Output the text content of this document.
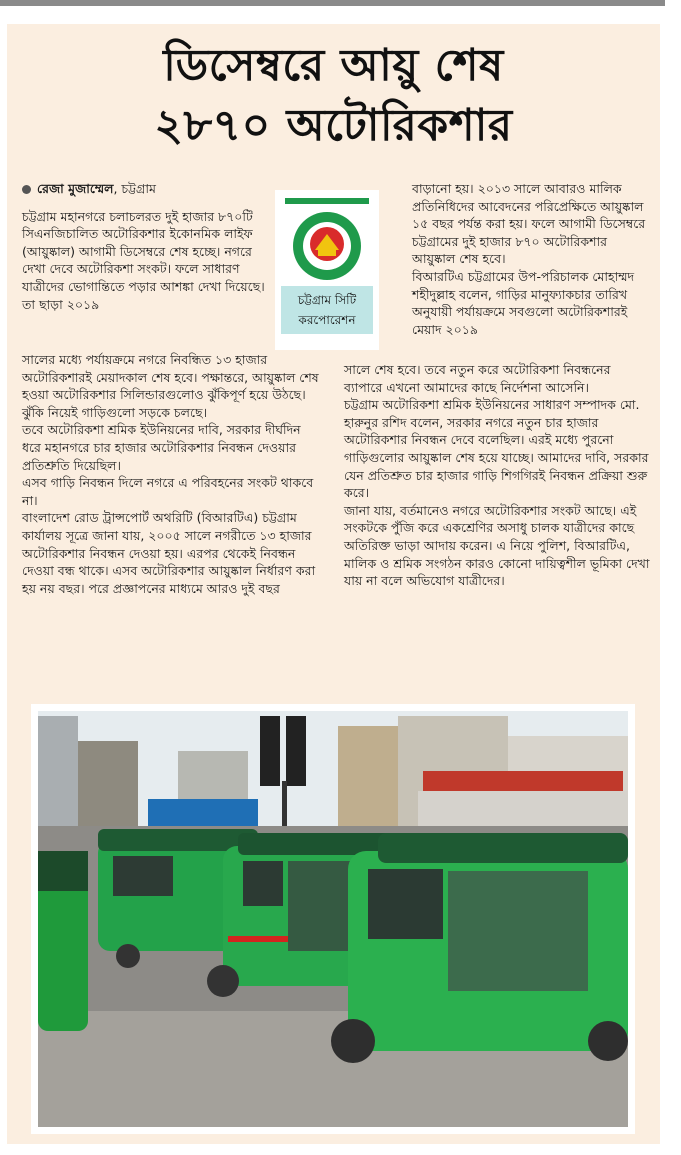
ডিসেম্বরে আয়ু শেষ
২৮৭০ অটোরিকশার

রেজা মুজাম্মেল, চট্টগ্রাম

চট্টগ্রাম মহানগরে চলাচলরত দুই হাজার ৮৭০টি সিএনজিচালিত অটোরিকশার ইকোনমিক লাইফ (আয়ুষ্কাল) আগামী ডিসেম্বরে শেষ হচ্ছে। নগরে দেখা দেবে অটোরিকশা সংকট। ফলে সাধারণ যাত্রীদের ভোগান্তিতে পড়ার আশঙ্কা দেখা দিয়েছে। তা ছাড়া ২০১৯

সালের মধ্যে পর্যায়ক্রমে নগরে নিবন্ধিত ১৩ হাজার অটোরিকশারই মেয়াদকাল শেষ হবে। পক্ষান্তরে, আয়ুষ্কাল শেষ হওয়া অটোরিকশার সিলিন্ডারগুলোও ঝুঁকিপূর্ণ হয়ে উঠছে। ঝুঁকি নিয়েই গাড়িগুলো সড়কে চলছে।

তবে অটোরিকশা শ্রমিক ইউনিয়নের দাবি, সরকার দীর্ঘদিন ধরে মহানগরে চার হাজার অটোরিকশার নিবন্ধন দেওয়ার প্রতিশ্রুতি দিয়েছিল।

এসব গাড়ি নিবন্ধন দিলে নগরে এ পরিবহনের সংকট থাকবে না।

বাংলাদেশ রোড ট্রান্সপোর্ট অথরিটি (বিআরটিএ) চট্টগ্রাম কার্যালয় সূত্রে জানা যায়, ২০০৫ সালে নগরীতে ১৩ হাজার অটোরিকশার নিবন্ধন দেওয়া হয়। এরপর থেকেই নিবন্ধন দেওয়া বন্ধ থাকে। এসব অটোরিকশার আয়ুষ্কাল নির্ধারণ করা হয় নয় বছর। পরে প্রজ্ঞাপনের মাধ্যমে আরও দুই বছর

চট্টগ্রাম সিটি করপোরেশন

বাড়ানো হয়। ২০১৩ সালে আবারও মালিক প্রতিনিধিদের আবেদনের পরিপ্রেক্ষিতে আয়ুষ্কাল ১৫ বছর পর্যন্ত করা হয়। ফলে আগামী ডিসেম্বরে চট্টগ্রামের দুই হাজার ৮৭০ অটোরিকশার আয়ুষ্কাল শেষ হবে।

বিআরটিএ চট্টগ্রামের উপ-পরিচালক মোহাম্মদ শহীদুল্লাহ বলেন, গাড়ির মানুফ্যাকচার তারিখ অনুযায়ী পর্যায়ক্রমে সবগুলো অটোরিকশারই মেয়াদ ২০১৯

সালে শেষ হবে। তবে নতুন করে অটোরিকশা নিবন্ধনের ব্যাপারে এখনো আমাদের কাছে নির্দেশনা আসেনি।

চট্টগ্রাম অটোরিকশা শ্রমিক ইউনিয়নের সাধারণ সম্পাদক মো. হারুনুর রশিদ বলেন, সরকার নগরে নতুন চার হাজার অটোরিকশার নিবন্ধন দেবে বলেছিল। এরই মধ্যে পুরনো গাড়িগুলোর আয়ুষ্কাল শেষ হয়ে যাচ্ছে। আমাদের দাবি, সরকার যেন প্রতিশ্রুত চার হাজার গাড়ি শিগগিরই নিবন্ধন প্রক্রিয়া শুরু করে।

জানা যায়, বর্তমানেও নগরে অটোরিকশার সংকট আছে। এই সংকটকে পুঁজি করে একশ্রেণির অসাধু চালক যাত্রীদের কাছে অতিরিক্ত ভাড়া আদায় করেন। এ নিয়ে পুলিশ, বিআরটিএ, মালিক ও শ্রমিক সংগঠন কারও কোনো দায়িত্বশীল ভূমিকা দেখা যায় না বলে অভিযোগ যাত্রীদের।
